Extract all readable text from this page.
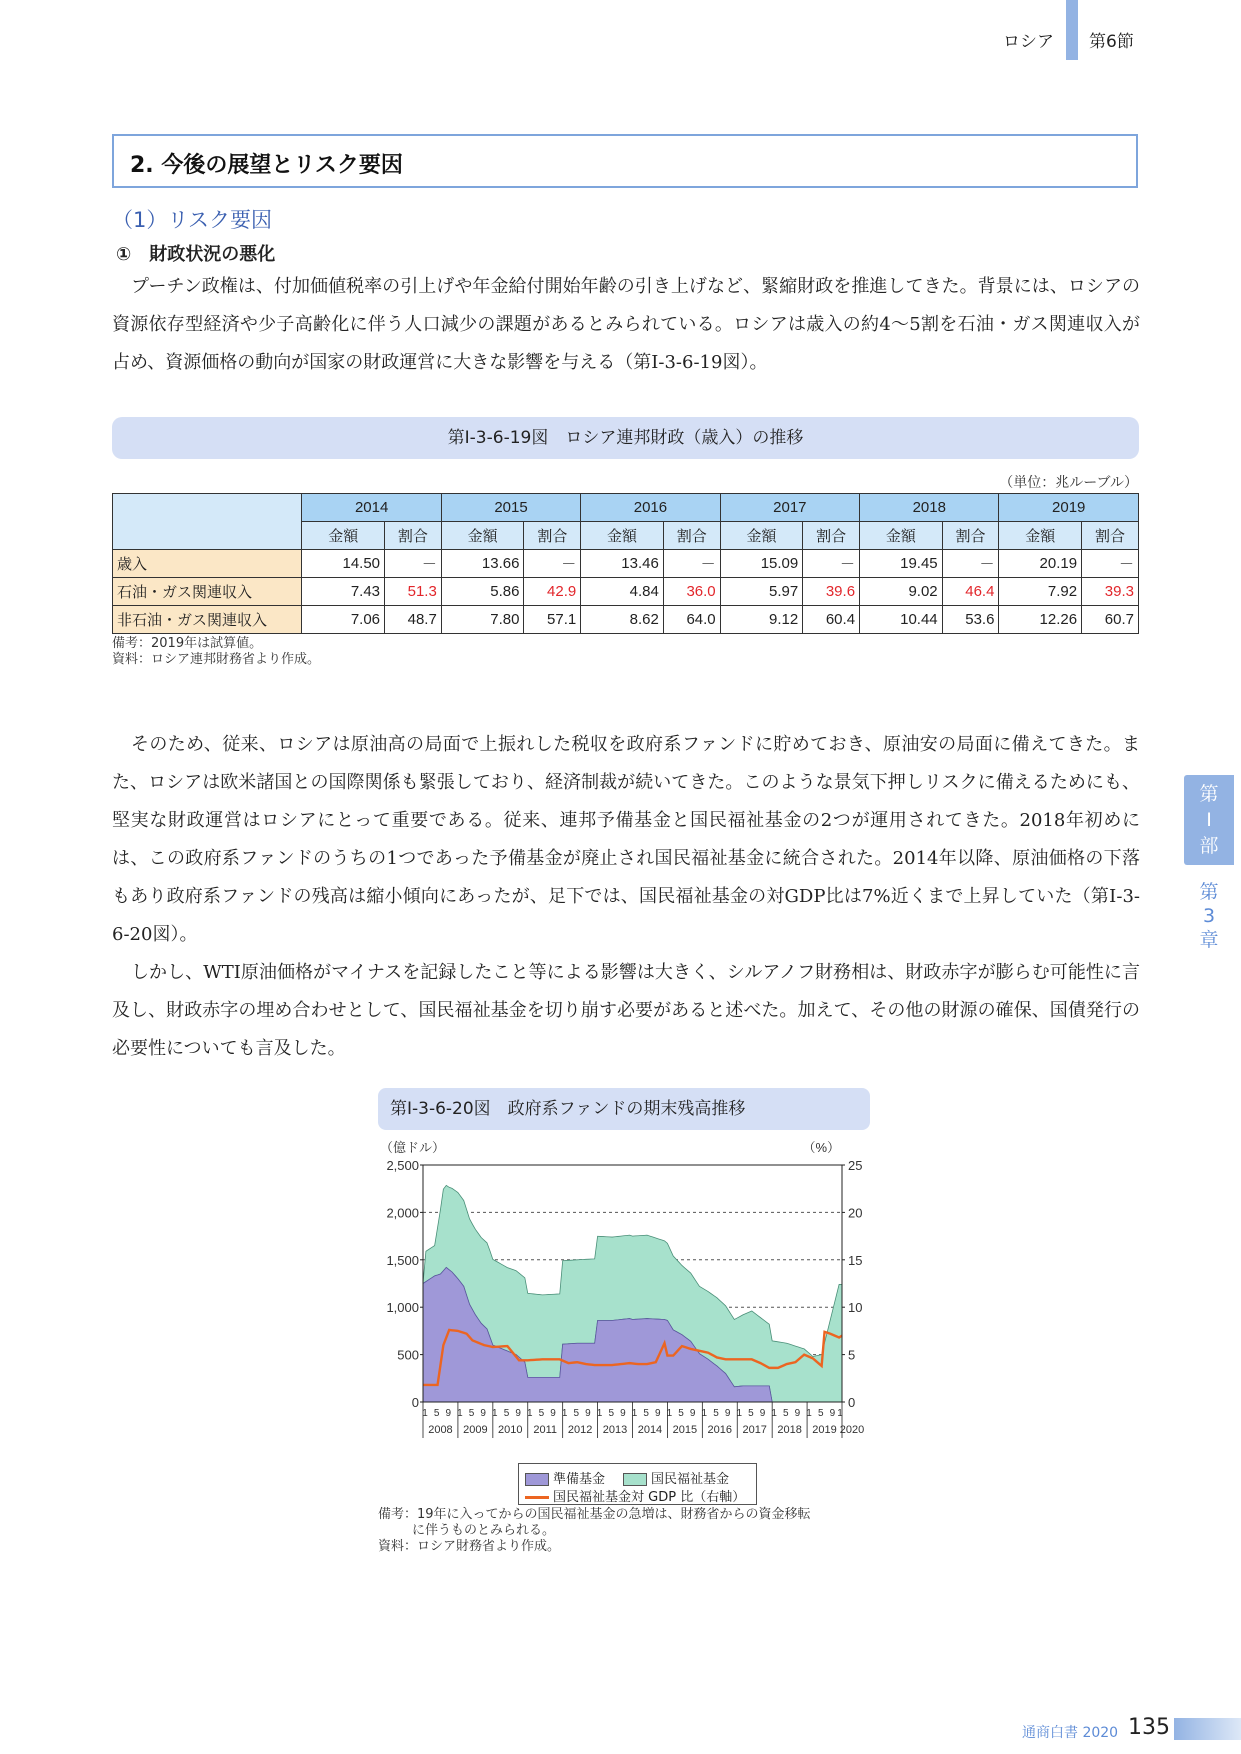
ロシア 第6節
2. 今後の展望とリスク要因
（1）リスク要因
①　財政状況の悪化

プーチン政権は、付加価値税率の引上げや年金給付開始年齢の引き上げなど、緊縮財政を推進してきた。背景には、ロシアの資源依存型経済や少子高齢化に伴う人口減少の課題があるとみられている。ロシアは歳入の約4～5割を石油・ガス関連収入が占め、資源価格の動向が国家の財政運営に大きな影響を与える（第Ⅰ-3-6-19図）。

第Ⅰ-3-6-19図　ロシア連邦財政（歳入）の推移
（単位：兆ルーブル）
	2014		2015		2016		2017		2018		2019	
	金額	割合	金額	割合	金額	割合	金額	割合	金額	割合	金額	割合
歳入	14.50	－	13.66	－	13.46	－	15.09	－	19.45	－	20.19	－
石油・ガス関連収入	7.43	51.3	5.86	42.9	4.84	36.0	5.97	39.6	9.02	46.4	7.92	39.3
非石油・ガス関連収入	7.06	48.7	7.80	57.1	8.62	64.0	9.12	60.4	10.44	53.6	12.26	60.7
備考：2019年は試算値。
資料：ロシア連邦財務省より作成。

そのため、従来、ロシアは原油高の局面で上振れした税収を政府系ファンドに貯めておき、原油安の局面に備えてきた。また、ロシアは欧米諸国との国際関係も緊張しており、経済制裁が続いてきた。このような景気下押しリスクに備えるためにも、堅実な財政運営はロシアにとって重要である。従来、連邦予備基金と国民福祉基金の2つが運用されてきた。2018年初めには、この政府系ファンドのうちの1つであった予備基金が廃止され国民福祉基金に統合された。2014年以降、原油価格の下落もあり政府系ファンドの残高は縮小傾向にあったが、足下では、国民福祉基金の対GDP比は7%近くまで上昇していた（第Ⅰ-3-6-20図）。

しかし、WTI原油価格がマイナスを記録したこと等による影響は大きく、シルアノフ財務相は、財政赤字が膨らむ可能性に言及し、財政赤字の埋め合わせとして、国民福祉基金を切り崩す必要があると述べた。加えて、その他の財源の確保、国債発行の必要性についても言及した。

第
I
部
第
3
章
第Ⅰ-3-6-20図　政府系ファンドの期末残高推移
（億ドル）	（%）
0
500
1,000
1,500
2,000
2,500
0
5
10
15
20
25
1 5 9
2008
1 5 9
2009
1 5 9
2010
1 5 9
2011
1 5 9
2012
1 5 9
2013
1 5 9
2014
1 5 9
2015
1 5 9
2016
1 5 9
2017
1 5 9
2018
1 5 9
2019
1
2020
準備基金	国民福祉基金
国民福祉基金対 GDP 比（右軸）
備考：19年に入ってからの国民福祉基金の急増は、財務省からの資金移転
に伴うものとみられる。
資料：ロシア財務省より作成。
通商白書 2020 135
